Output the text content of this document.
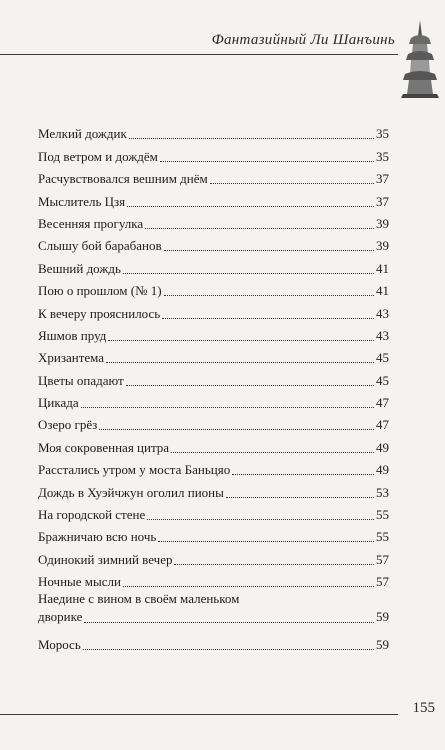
Фантазийный Ли Шанъинь
Мелкий дождик	35
Под ветром и дождём	35
Расчувствовался вешним днём	37
Мыслитель Цзя	37
Весенняя прогулка	39
Слышу бой барабанов	39
Вешний дождь	41
Пою о прошлом (№ 1)	41
К вечеру прояснилось	43
Яшмов пруд	43
Хризантема	45
Цветы опадают	45
Цикада	47
Озеро грёз	47
Моя сокровенная цитра	49
Расстались утром у моста Баньцяо	49
Дождь в Хуэйчжун оголил пионы	53
На городской стене	55
Бражничаю всю ночь	55
Одинокий зимний вечер	57
Ночные мысли	57
Наедине с вином в своём маленьком
дворике	59
Морось	59
155
